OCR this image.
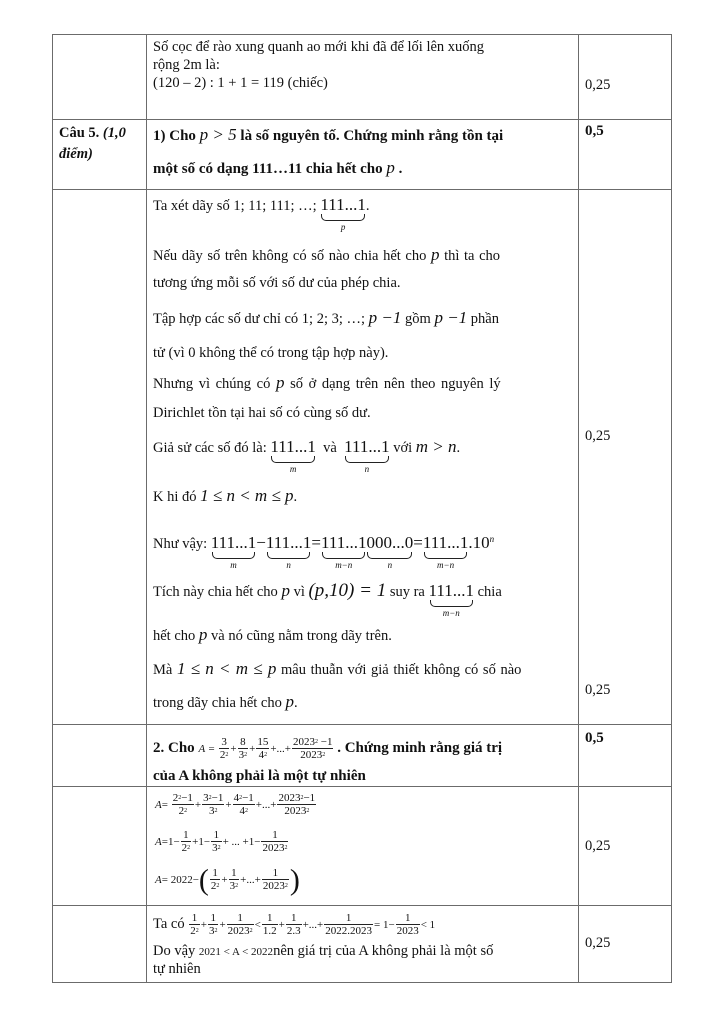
Số cọc để rào xung quanh ao mới khi đã để lối lên xuống
rộng 2m là:
(120 – 2) : 1 + 1 = 119 (chiếc)	0,25
Câu 5. (1,0
điểm)
1) Cho p > 5 là số nguyên tố. Chứng minh rằng tồn tại
một số có dạng 111…11 chia hết cho p .
0,5
Ta xét dãy số 1; 11; 111; …; 111...1
p
.
Nếu dãy số trên không có số nào chia hết cho p thì ta cho
tương ứng mỗi số với số dư của phép chia.
Tập hợp các số dư chỉ có 1; 2; 3; …; p −1 gồm p −1 phần
tử (vì 0 không thể có trong tập hợp này).
Nhưng vì chúng có p số ở dạng trên nên theo nguyên lý
Dirichlet tồn tại hai số có cùng số dư.
Giả sử các số đó là: 111...1
m
và 111...1
n
với m > n.
K hi đó 1 ≤ n < m ≤ p.
Như vậy: 111...1
m
− 111...1
n
= 111...1
m−n
000...0
n
= 111...1
m−n
.10$^n$
Tích này chia hết cho p vì (p,10) = 1 suy ra 111...1
m−n
chia
hết cho p và nó cũng nằm trong dãy trên.
Mà 1 ≤ n < m ≤ p mâu thuẫn với giả thiết không có số nào
trong dãy chia hết cho p.
0,25
0,25
2. Cho $A = \frac{3}{2^2} + \frac{8}{3^2} + \frac{15}{4^2}$ +...+ $\frac{2023^2 -1}{2023^2}$ . Chứng minh rằng giá trị
của A không phải là một tự nhiên
0,5
$A= \frac{2^2-1}{2^2} + \frac{3^2-1}{3^2} + \frac{4^2-1}{4^2}$ +...+ $\frac{2023^2-1}{2023^2}$
$A=1- \frac{1}{2^2} +1- \frac{1}{3^2}$ + ... $+1- \frac{1}{2023^2}$
$A= 2022-( \frac{1}{2^2} + \frac{1}{3^2}$ +...+ $\frac{1}{2023^2}$ )
0,25
Ta có $\frac{1}{2^2} + \frac{1}{3^2} + \frac{1}{2023^2} < \frac{1}{1.2} + \frac{1}{2.3}$ +...+ $\frac{1}{2022.2023} = 1- \frac{1}{2023} < 1$
Do vậy 2021 < A < 2022nên giá trị của A không phải là một số
tự nhiên
0,25
